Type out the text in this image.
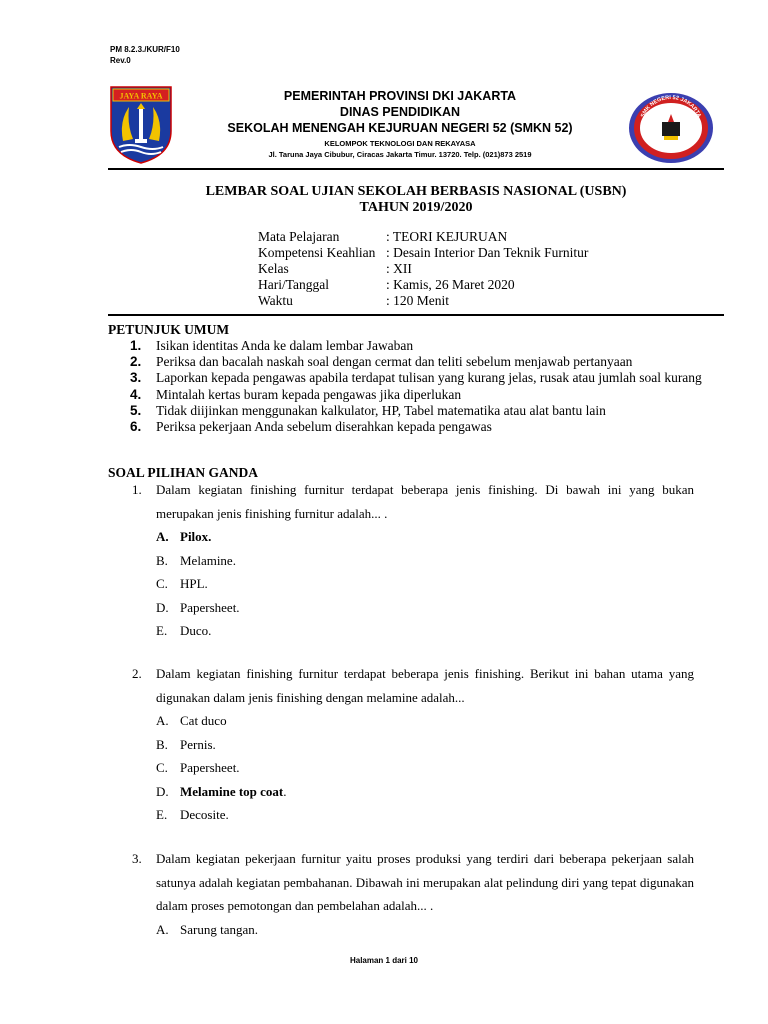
PM 8.2.3./KUR/F10
Rev.0
JAYA RAYA
SMK NEGERI 52 JAKARTA
PEMERINTAH PROVINSI DKI JAKARTA
DINAS PENDIDIKAN
SEKOLAH MENENGAH KEJURUAN NEGERI 52 (SMKN 52)
KELOMPOK TEKNOLOGI DAN REKAYASA
Jl. Taruna Jaya Cibubur, Ciracas Jakarta Timur. 13720. Telp. (021)873 2519
LEMBAR SOAL UJIAN SEKOLAH BERBASIS NASIONAL (USBN)
TAHUN 2019/2020
Mata Pelajaran	: TEORI KEJURUAN
Kompetensi Keahlian : Desain Interior Dan Teknik Furnitur
Kelas	: XII
Hari/Tanggal	: Kamis, 26 Maret 2020
Waktu	: 120 Menit
PETUNJUK UMUM
1. Isikan identitas Anda ke dalam lembar Jawaban
2. Periksa dan bacalah naskah soal dengan cermat dan teliti sebelum menjawab pertanyaan
3. Laporkan kepada pengawas apabila terdapat tulisan yang kurang jelas, rusak atau jumlah soal kurang
4. Mintalah kertas buram kepada pengawas jika diperlukan
5. Tidak diijinkan menggunakan kalkulator, HP, Tabel matematika atau alat bantu lain
6. Periksa pekerjaan Anda sebelum diserahkan kepada pengawas
SOAL PILIHAN GANDA
1. Dalam kegiatan finishing furnitur terdapat beberapa jenis finishing. Di bawah ini yang bukan merupakan jenis finishing furnitur adalah... .
A. Pilox.
B. Melamine.
C. HPL.
D. Papersheet.
E. Duco.
2. Dalam kegiatan finishing furnitur terdapat beberapa jenis finishing. Berikut ini bahan utama yang digunakan dalam jenis finishing dengan melamine adalah...
A. Cat duco
B. Pernis.
C. Papersheet.
D. Melamine top coat.
E. Decosite.
3. Dalam kegiatan pekerjaan furnitur yaitu proses produksi yang terdiri dari beberapa pekerjaan salah satunya adalah kegiatan pembahanan. Dibawah ini merupakan alat pelindung diri yang tepat digunakan dalam proses pemotongan dan pembelahan adalah... .
A. Sarung tangan.
Halaman 1 dari 10
